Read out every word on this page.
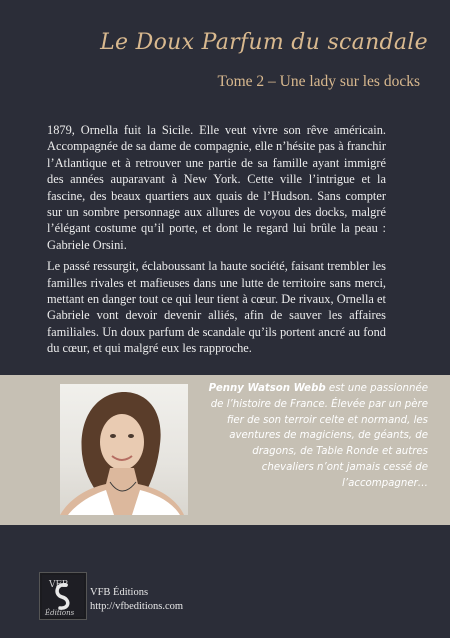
Le Doux Parfum du scandale
Tome 2 – Une lady sur les docks

1879, Ornella fuit la Sicile. Elle veut vivre son rêve américain. Accompagnée de sa dame de compagnie, elle n’hésite pas à franchir l’Atlantique et à retrouver une partie de sa famille ayant immigré des années auparavant à New York. Cette ville l’intrigue et la fascine, des beaux quartiers aux quais de l’Hudson. Sans compter sur un sombre personnage aux allures de voyou des docks, malgré l’élégant costume qu’il porte, et dont le regard lui brûle la peau : Gabriele Orsini.

Le passé ressurgit, éclaboussant la haute société, faisant trembler les familles rivales et mafieuses dans une lutte de territoire sans merci, mettant en danger tout ce qui leur tient à cœur. De rivaux, Ornella et Gabriele vont devoir devenir alliés, afin de sauver les affaires familiales. Un doux parfum de scandale qu’ils portent ancré au fond du cœur, et qui malgré eux les rapproche.

Penny Watson Webb est une passionnée de l’histoire de France. Élevée par un père fier de son terroir celte et normand, les aventures de magiciens, de géants, de dragons, de Table Ronde et autres chevaliers n’ont jamais cessé de l’accompagner…
VFB
Éditions
VFB Éditions
http://vfbeditions.com
